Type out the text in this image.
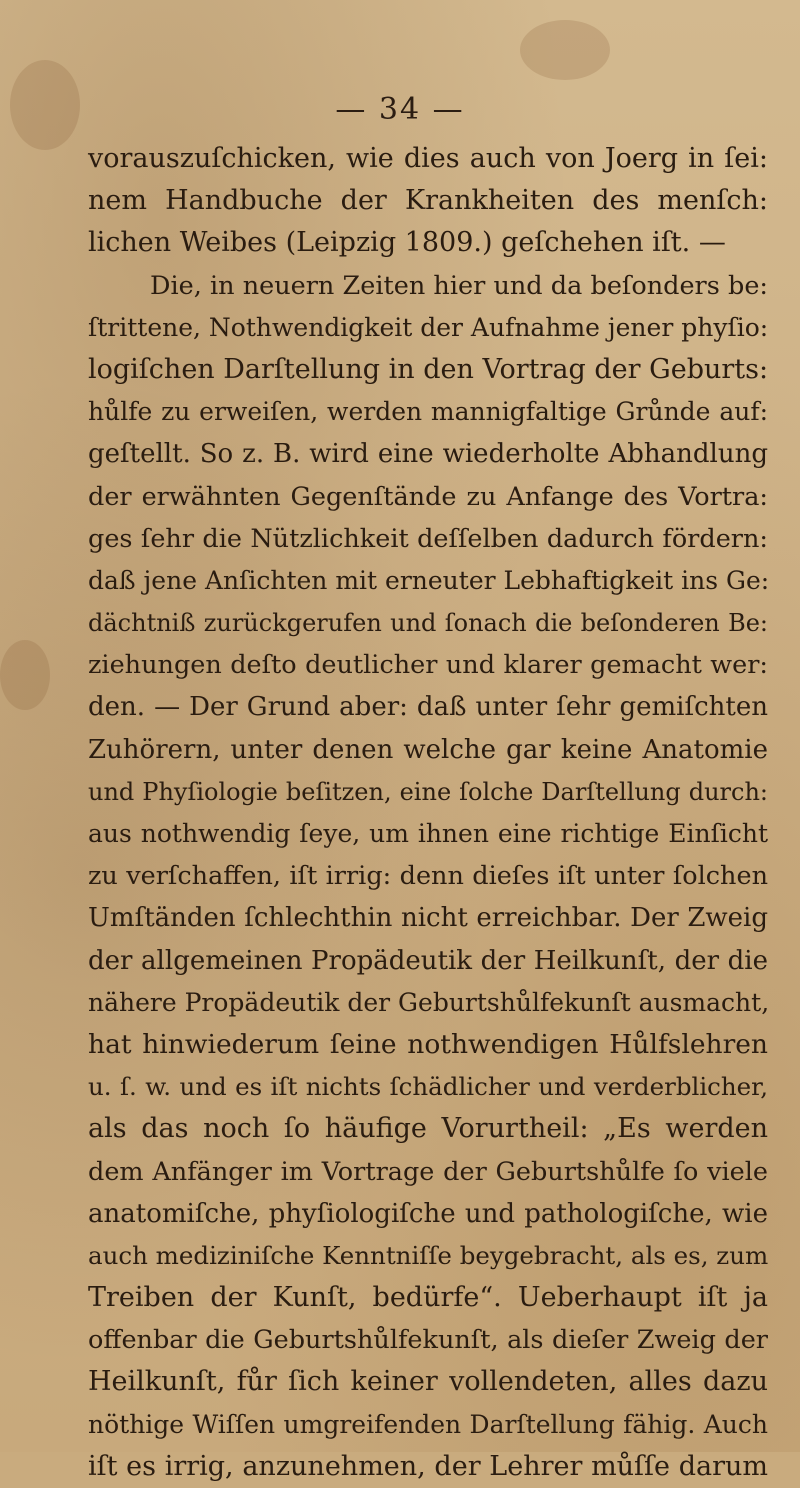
— 34 —
vorauszuſchicken, wie dies auch von Joerg in ſei:
nem Handbuche der Krankheiten des menſch:
lichen Weibes (Leipzig 1809.) geſchehen iſt. —
Die, in neuern Zeiten hier und da beſonders be:
ſtrittene, Nothwendigkeit der Aufnahme jener phyſio:
logiſchen Darſtellung in den Vortrag der Geburts:
hůlfe zu erweiſen, werden mannigfaltige Grůnde auf:
geſtellt. So z. B. wird eine wiederholte Abhandlung
der erwähnten Gegenſtände zu Anfange des Vortra:
ges ſehr die Nützlichkeit deſſelben dadurch fördern:
daß jene Anſichten mit erneuter Lebhaftigkeit ins Ge:
dächtniß zurückgerufen und ſonach die beſonderen Be:
ziehungen deſto deutlicher und klarer gemacht wer:
den. — Der Grund aber: daß unter ſehr gemiſchten
Zuhörern, unter denen welche gar keine Anatomie
und Phyſiologie beſitzen, eine ſolche Darſtellung durch:
aus nothwendig ſeye, um ihnen eine richtige Einſicht
zu verſchaffen, iſt irrig: denn dieſes iſt unter ſolchen
Umſtänden ſchlechthin nicht erreichbar. Der Zweig
der allgemeinen Propädeutik der Heilkunſt, der die
nähere Propädeutik der Geburtshůlfekunſt ausmacht,
hat hinwiederum ſeine nothwendigen Hůlfslehren
u. ſ. w. und es iſt nichts ſchädlicher und verderblicher,
als das noch ſo häufige Vorurtheil: „Es werden
dem Anfänger im Vortrage der Geburtshůlfe ſo viele
anatomiſche, phyſiologiſche und pathologiſche, wie
auch mediziniſche Kenntniſſe beygebracht, als es, zum
Treiben der Kunſt, bedürfe“. Ueberhaupt iſt ja
offenbar die Geburtshůlfekunſt, als dieſer Zweig der
Heilkunſt, fůr ſich keiner vollendeten, alles dazu
nöthige Wiſſen umgreifenden Darſtellung fähig. Auch
iſt es irrig, anzunehmen, der Lehrer můſſe darum
